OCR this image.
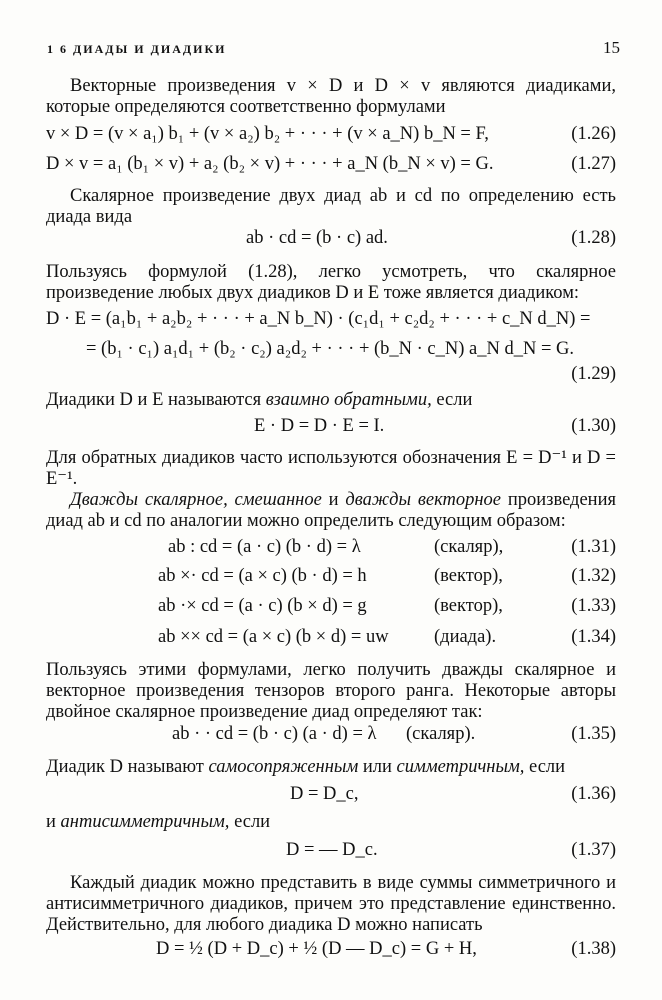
1 6 ДИАДЫ И ДИАДИКИ	15
Векторные произведения v × D и D × v являются диадиками, которые определяются соответственно формулами
v × D = (v × a₁) b₁ + (v × a₂) b₂ + · · · + (v × a_N) b_N = F,	(1.26)
D × v = a₁ (b₁ × v) + a₂ (b₂ × v) + · · · + a_N (b_N × v) = G.	(1.27)
Скалярное произведение двух диад ab и cd по определению есть диада вида
ab · cd = (b · c) ad.	(1.28)
Пользуясь формулой (1.28), легко усмотреть, что скалярное произведение любых двух диадиков D и E тоже является диадиком:
D · E = (a₁b₁ + a₂b₂ + · · · + a_N b_N) · (c₁d₁ + c₂d₂ + · · · + c_N d_N) =
= (b₁ · c₁) a₁d₁ + (b₂ · c₂) a₂d₂ + · · · + (b_N · c_N) a_N d_N = G.
(1.29)
Диадики D и E называются взаимно обратными, если
E · D = D · E = I.	(1.30)
Для обратных диадиков часто используются обозначения E = D⁻¹ и D = E⁻¹.
Дважды скалярное, смешанное и дважды векторное произведения диад ab и cd по аналогии можно определить следующим образом:
ab : cd = (a · c) (b · d) = λ	(скаляр),	(1.31)
ab ×· cd = (a × c) (b · d) = h	(вектор),	(1.32)
ab ·× cd = (a · c) (b × d) = g	(вектор),	(1.33)
ab ×× cd = (a × c) (b × d) = uw (диада).	(1.34)
Пользуясь этими формулами, легко получить дважды скалярное и векторное произведения тензоров второго ранга. Некоторые авторы двойное скалярное произведение диад определяют так:
ab · · cd = (b · c) (a · d) = λ (скаляр).	(1.35)
Диадик D называют самосопряженным или симметричным, если
D = D_c,	(1.36)
и антисимметричным, если
D = — D_c.	(1.37)
Каждый диадик можно представить в виде суммы симметричного и антисимметричного диадиков, причем это представление единственно. Действительно, для любого диадика D можно написать
D = ½ (D + D_c) + ½ (D — D_c) = G + H,	(1.38)
